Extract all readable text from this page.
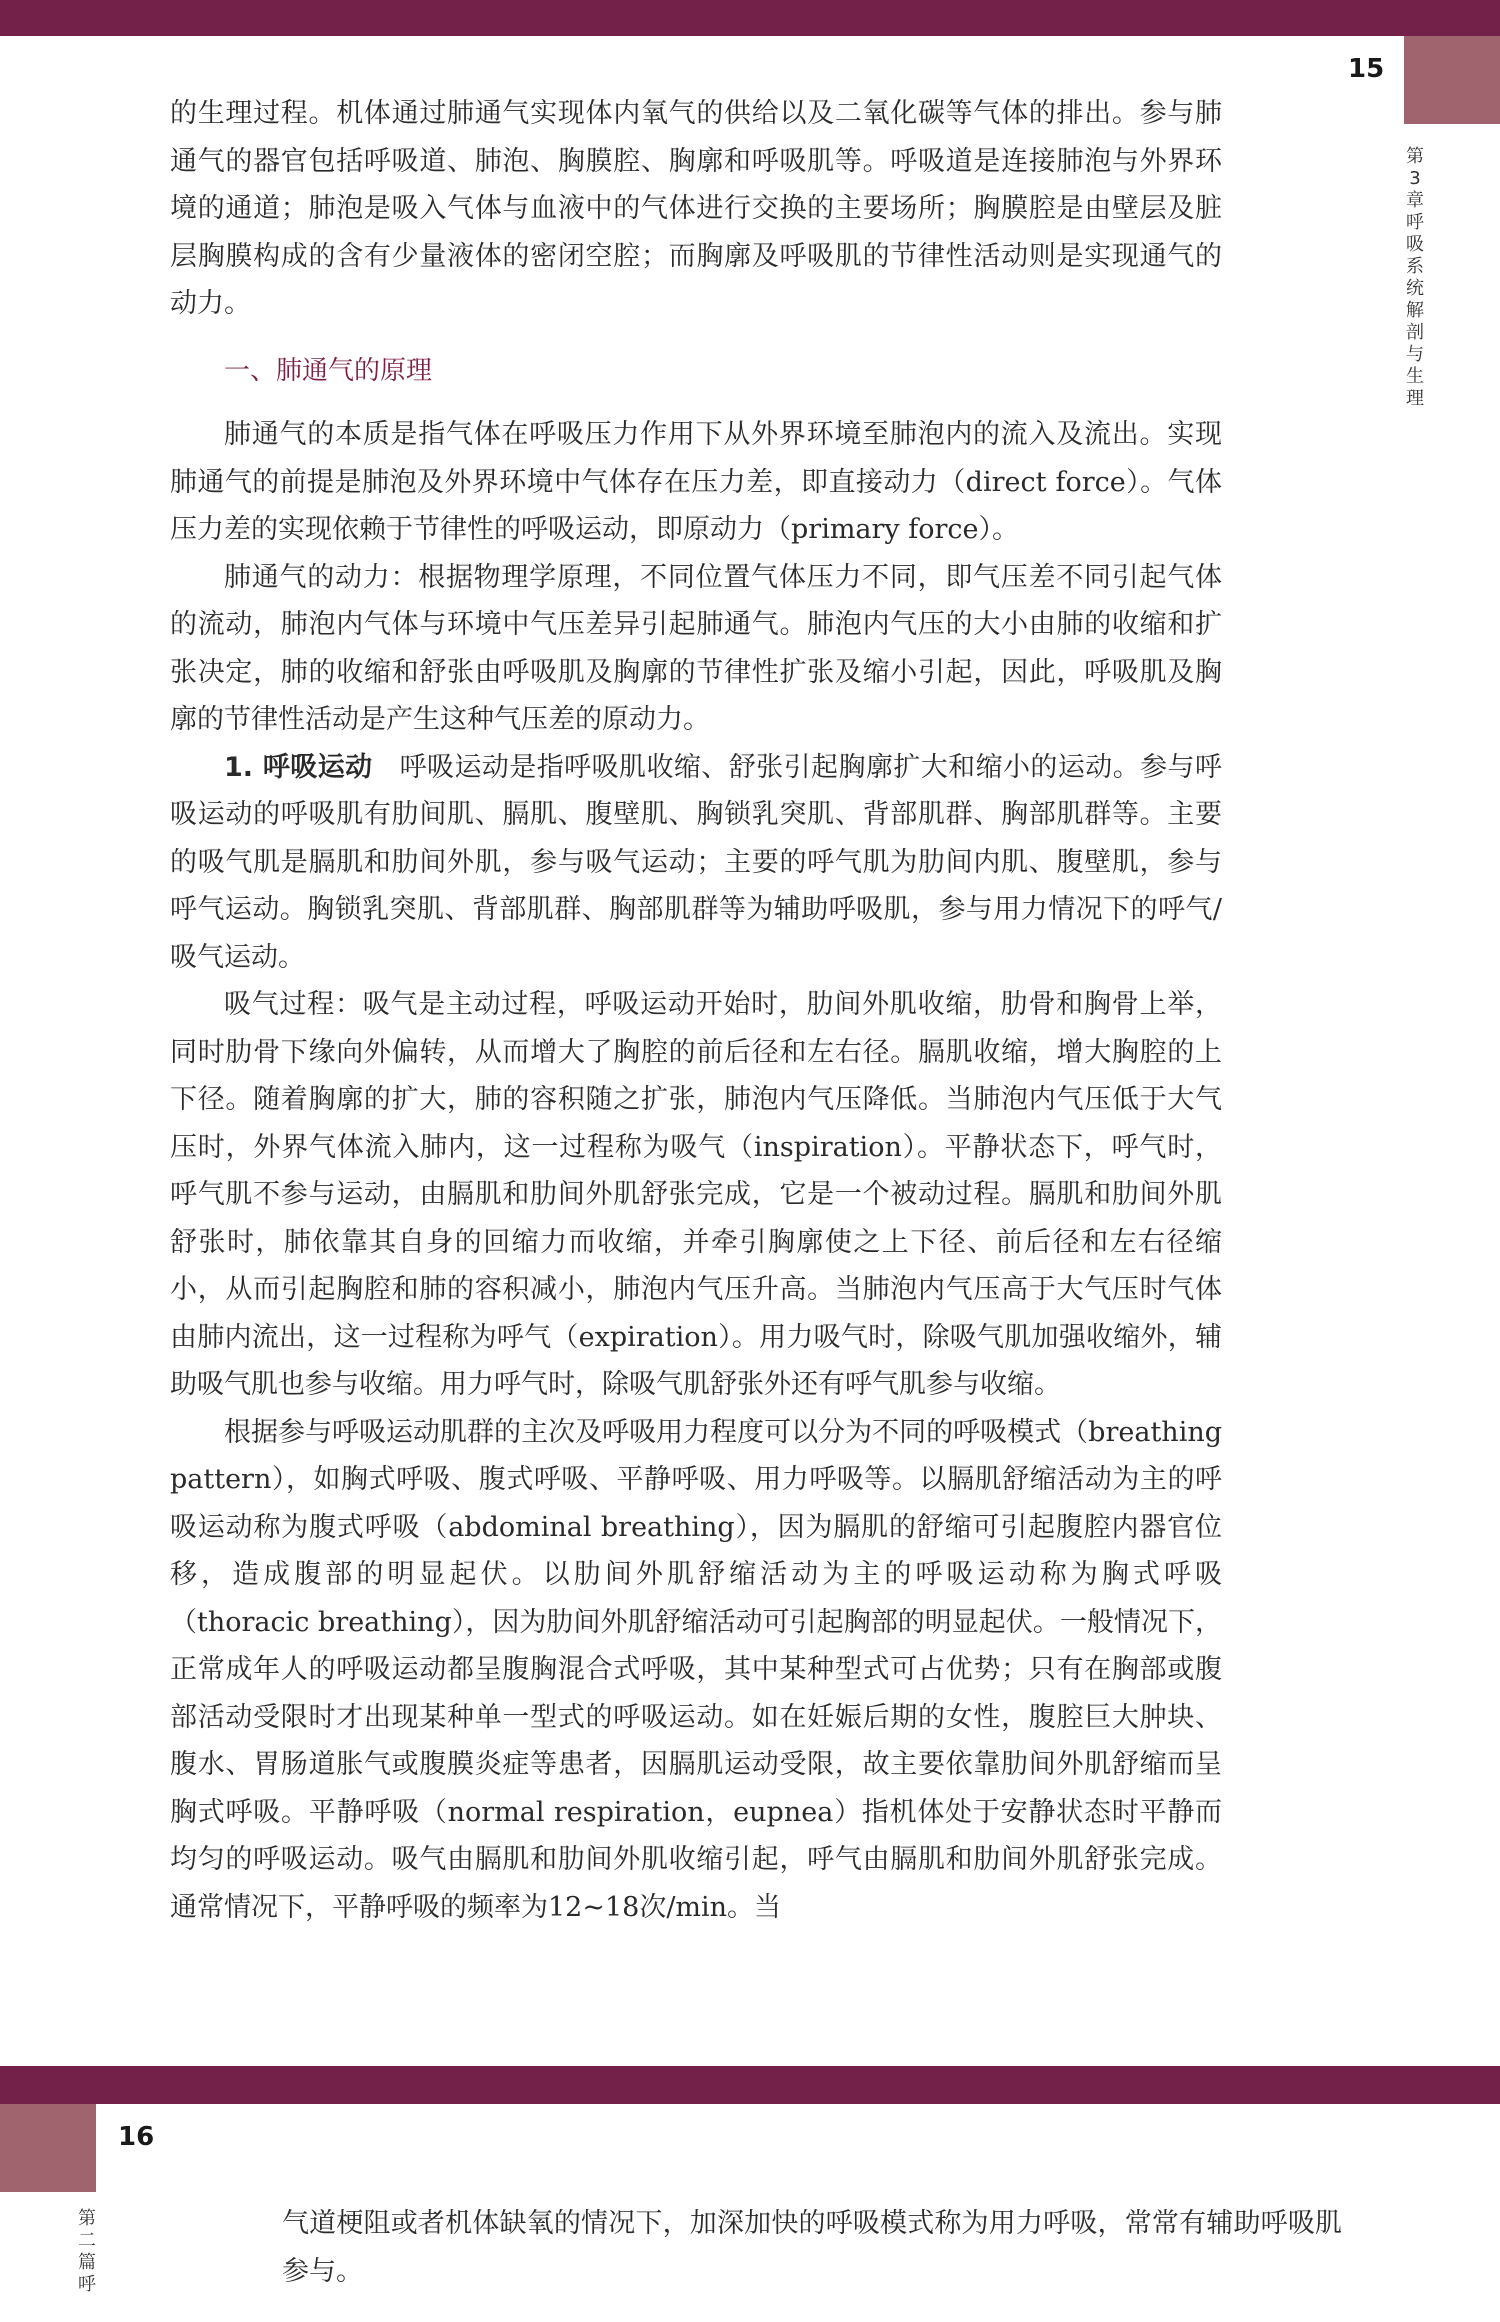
15
第3章 呼吸系统解剖与生理

的生理过程。机体通过肺通气实现体内氧气的供给以及二氧化碳等气体的排出。参与肺通气的器官包括呼吸道、肺泡、胸膜腔、胸廓和呼吸肌等。呼吸道是连接肺泡与外界环境的通道；肺泡是吸入气体与血液中的气体进行交换的主要场所；胸膜腔是由壁层及脏层胸膜构成的含有少量液体的密闭空腔；而胸廓及呼吸肌的节律性活动则是实现通气的动力。

一、肺通气的原理

肺通气的本质是指气体在呼吸压力作用下从外界环境至肺泡内的流入及流出。实现肺通气的前提是肺泡及外界环境中气体存在压力差，即直接动力（direct force）。气体压力差的实现依赖于节律性的呼吸运动，即原动力（primary force）。

肺通气的动力：根据物理学原理，不同位置气体压力不同，即气压差不同引起气体的流动，肺泡内气体与环境中气压差异引起肺通气。肺泡内气压的大小由肺的收缩和扩张决定，肺的收缩和舒张由呼吸肌及胸廓的节律性扩张及缩小引起，因此，呼吸肌及胸廓的节律性活动是产生这种气压差的原动力。

1. 呼吸运动 呼吸运动是指呼吸肌收缩、舒张引起胸廓扩大和缩小的运动。参与呼吸运动的呼吸肌有肋间肌、膈肌、腹壁肌、胸锁乳突肌、背部肌群、胸部肌群等。主要的吸气肌是膈肌和肋间外肌，参与吸气运动；主要的呼气肌为肋间内肌、腹壁肌，参与呼气运动。胸锁乳突肌、背部肌群、胸部肌群等为辅助呼吸肌，参与用力情况下的呼气/吸气运动。

吸气过程：吸气是主动过程，呼吸运动开始时，肋间外肌收缩，肋骨和胸骨上举，同时肋骨下缘向外偏转，从而增大了胸腔的前后径和左右径。膈肌收缩，增大胸腔的上下径。随着胸廓的扩大，肺的容积随之扩张，肺泡内气压降低。当肺泡内气压低于大气压时，外界气体流入肺内，这一过程称为吸气（inspiration）。平静状态下，呼气时，呼气肌不参与运动，由膈肌和肋间外肌舒张完成，它是一个被动过程。膈肌和肋间外肌舒张时，肺依靠其自身的回缩力而收缩，并牵引胸廓使之上下径、前后径和左右径缩小，从而引起胸腔和肺的容积减小，肺泡内气压升高。当肺泡内气压高于大气压时气体由肺内流出，这一过程称为呼气（expiration）。用力吸气时，除吸气肌加强收缩外，辅助吸气肌也参与收缩。用力呼气时，除吸气肌舒张外还有呼气肌参与收缩。

根据参与呼吸运动肌群的主次及呼吸用力程度可以分为不同的呼吸模式（breathing pattern），如胸式呼吸、腹式呼吸、平静呼吸、用力呼吸等。以膈肌舒缩活动为主的呼吸运动称为腹式呼吸（abdominal breathing），因为膈肌的舒缩可引起腹腔内器官位移，造成腹部的明显起伏。以肋间外肌舒缩活动为主的呼吸运动称为胸式呼吸（thoracic breathing），因为肋间外肌舒缩活动可引起胸部的明显起伏。一般情况下，正常成年人的呼吸运动都呈腹胸混合式呼吸，其中某种型式可占优势；只有在胸部或腹部活动受限时才出现某种单一型式的呼吸运动。如在妊娠后期的女性，腹腔巨大肿块、腹水、胃肠道胀气或腹膜炎症等患者，因膈肌运动受限，故主要依靠肋间外肌舒缩而呈胸式呼吸。平静呼吸（normal respiration，eupnea）指机体处于安静状态时平静而均匀的呼吸运动。吸气由膈肌和肋间外肌收缩引起，呼气由膈肌和肋间外肌舒张完成。通常情况下，平静呼吸的频率为12~18次/min。当

16
第二篇 呼

气道梗阻或者机体缺氧的情况下，加深加快的呼吸模式称为用力呼吸，常常有辅助呼吸肌参与。
